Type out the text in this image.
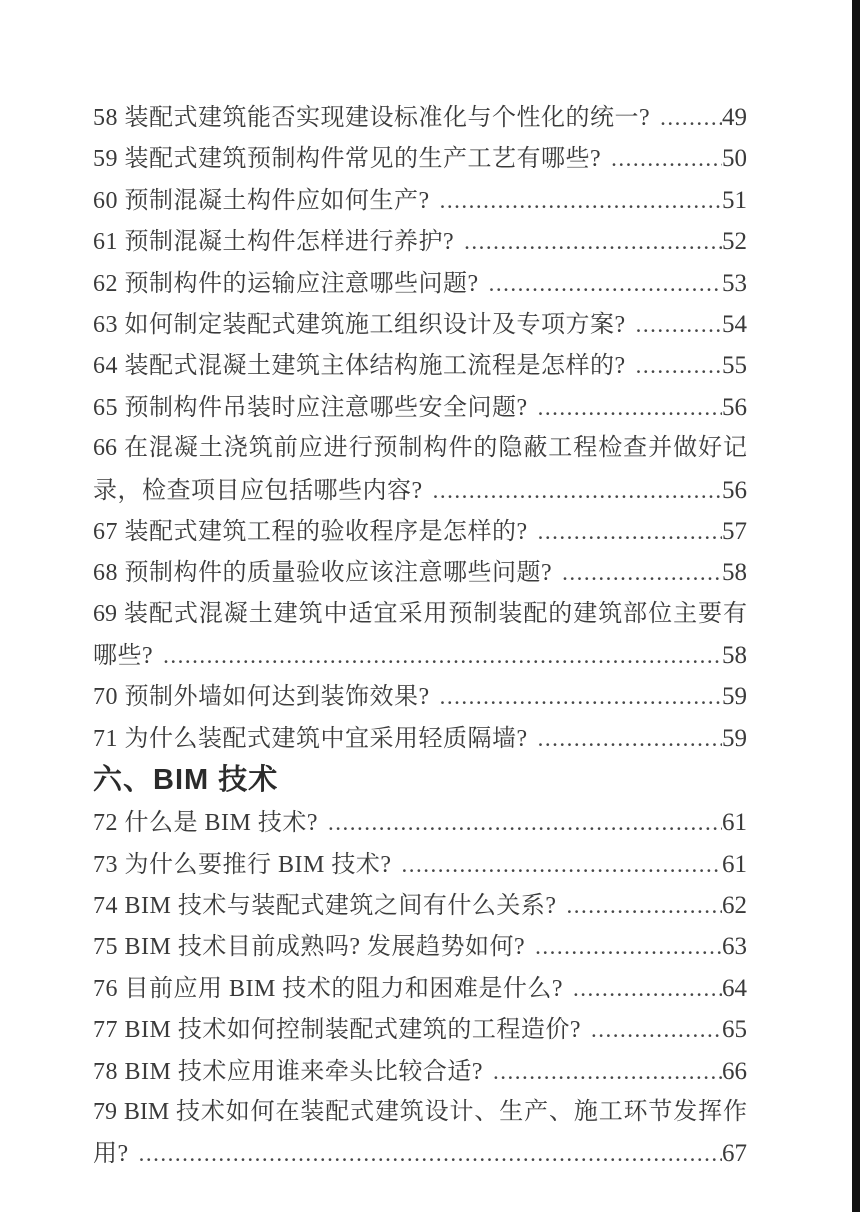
58 装配式建筑能否实现建设标准化与个性化的统一? .....	49
59 装配式建筑预制构件常见的生产工艺有哪些? .....	50
60 预制混凝土构件应如何生产? .....	51
61 预制混凝土构件怎样进行养护? .....	52
62 预制构件的运输应注意哪些问题? .....	53
63 如何制定装配式建筑施工组织设计及专项方案? .....	54
64 装配式混凝土建筑主体结构施工流程是怎样的? .....	55
65 预制构件吊装时应注意哪些安全问题? .....	56
66 在混凝土浇筑前应进行预制构件的隐蔽工程检查并做好记
录，检查项目应包括哪些内容? .....	56
67 装配式建筑工程的验收程序是怎样的? .....	57
68 预制构件的质量验收应该注意哪些问题? .....	58
69 装配式混凝土建筑中适宜采用预制装配的建筑部位主要有
哪些? .....	58
70 预制外墙如何达到装饰效果? .....	59
71 为什么装配式建筑中宜采用轻质隔墙? .....	59
六、BIM 技术
72 什么是 BIM 技术? .....	61
73 为什么要推行 BIM 技术? .....	61
74 BIM 技术与装配式建筑之间有什么关系? .....	62
75 BIM 技术目前成熟吗? 发展趋势如何? .....	63
76 目前应用 BIM 技术的阻力和困难是什么? .....	64
77 BIM 技术如何控制装配式建筑的工程造价? .....	65
78 BIM 技术应用谁来牵头比较合适? .....	66
79 BIM 技术如何在装配式建筑设计、生产、施工环节发挥作
用? .....	67
